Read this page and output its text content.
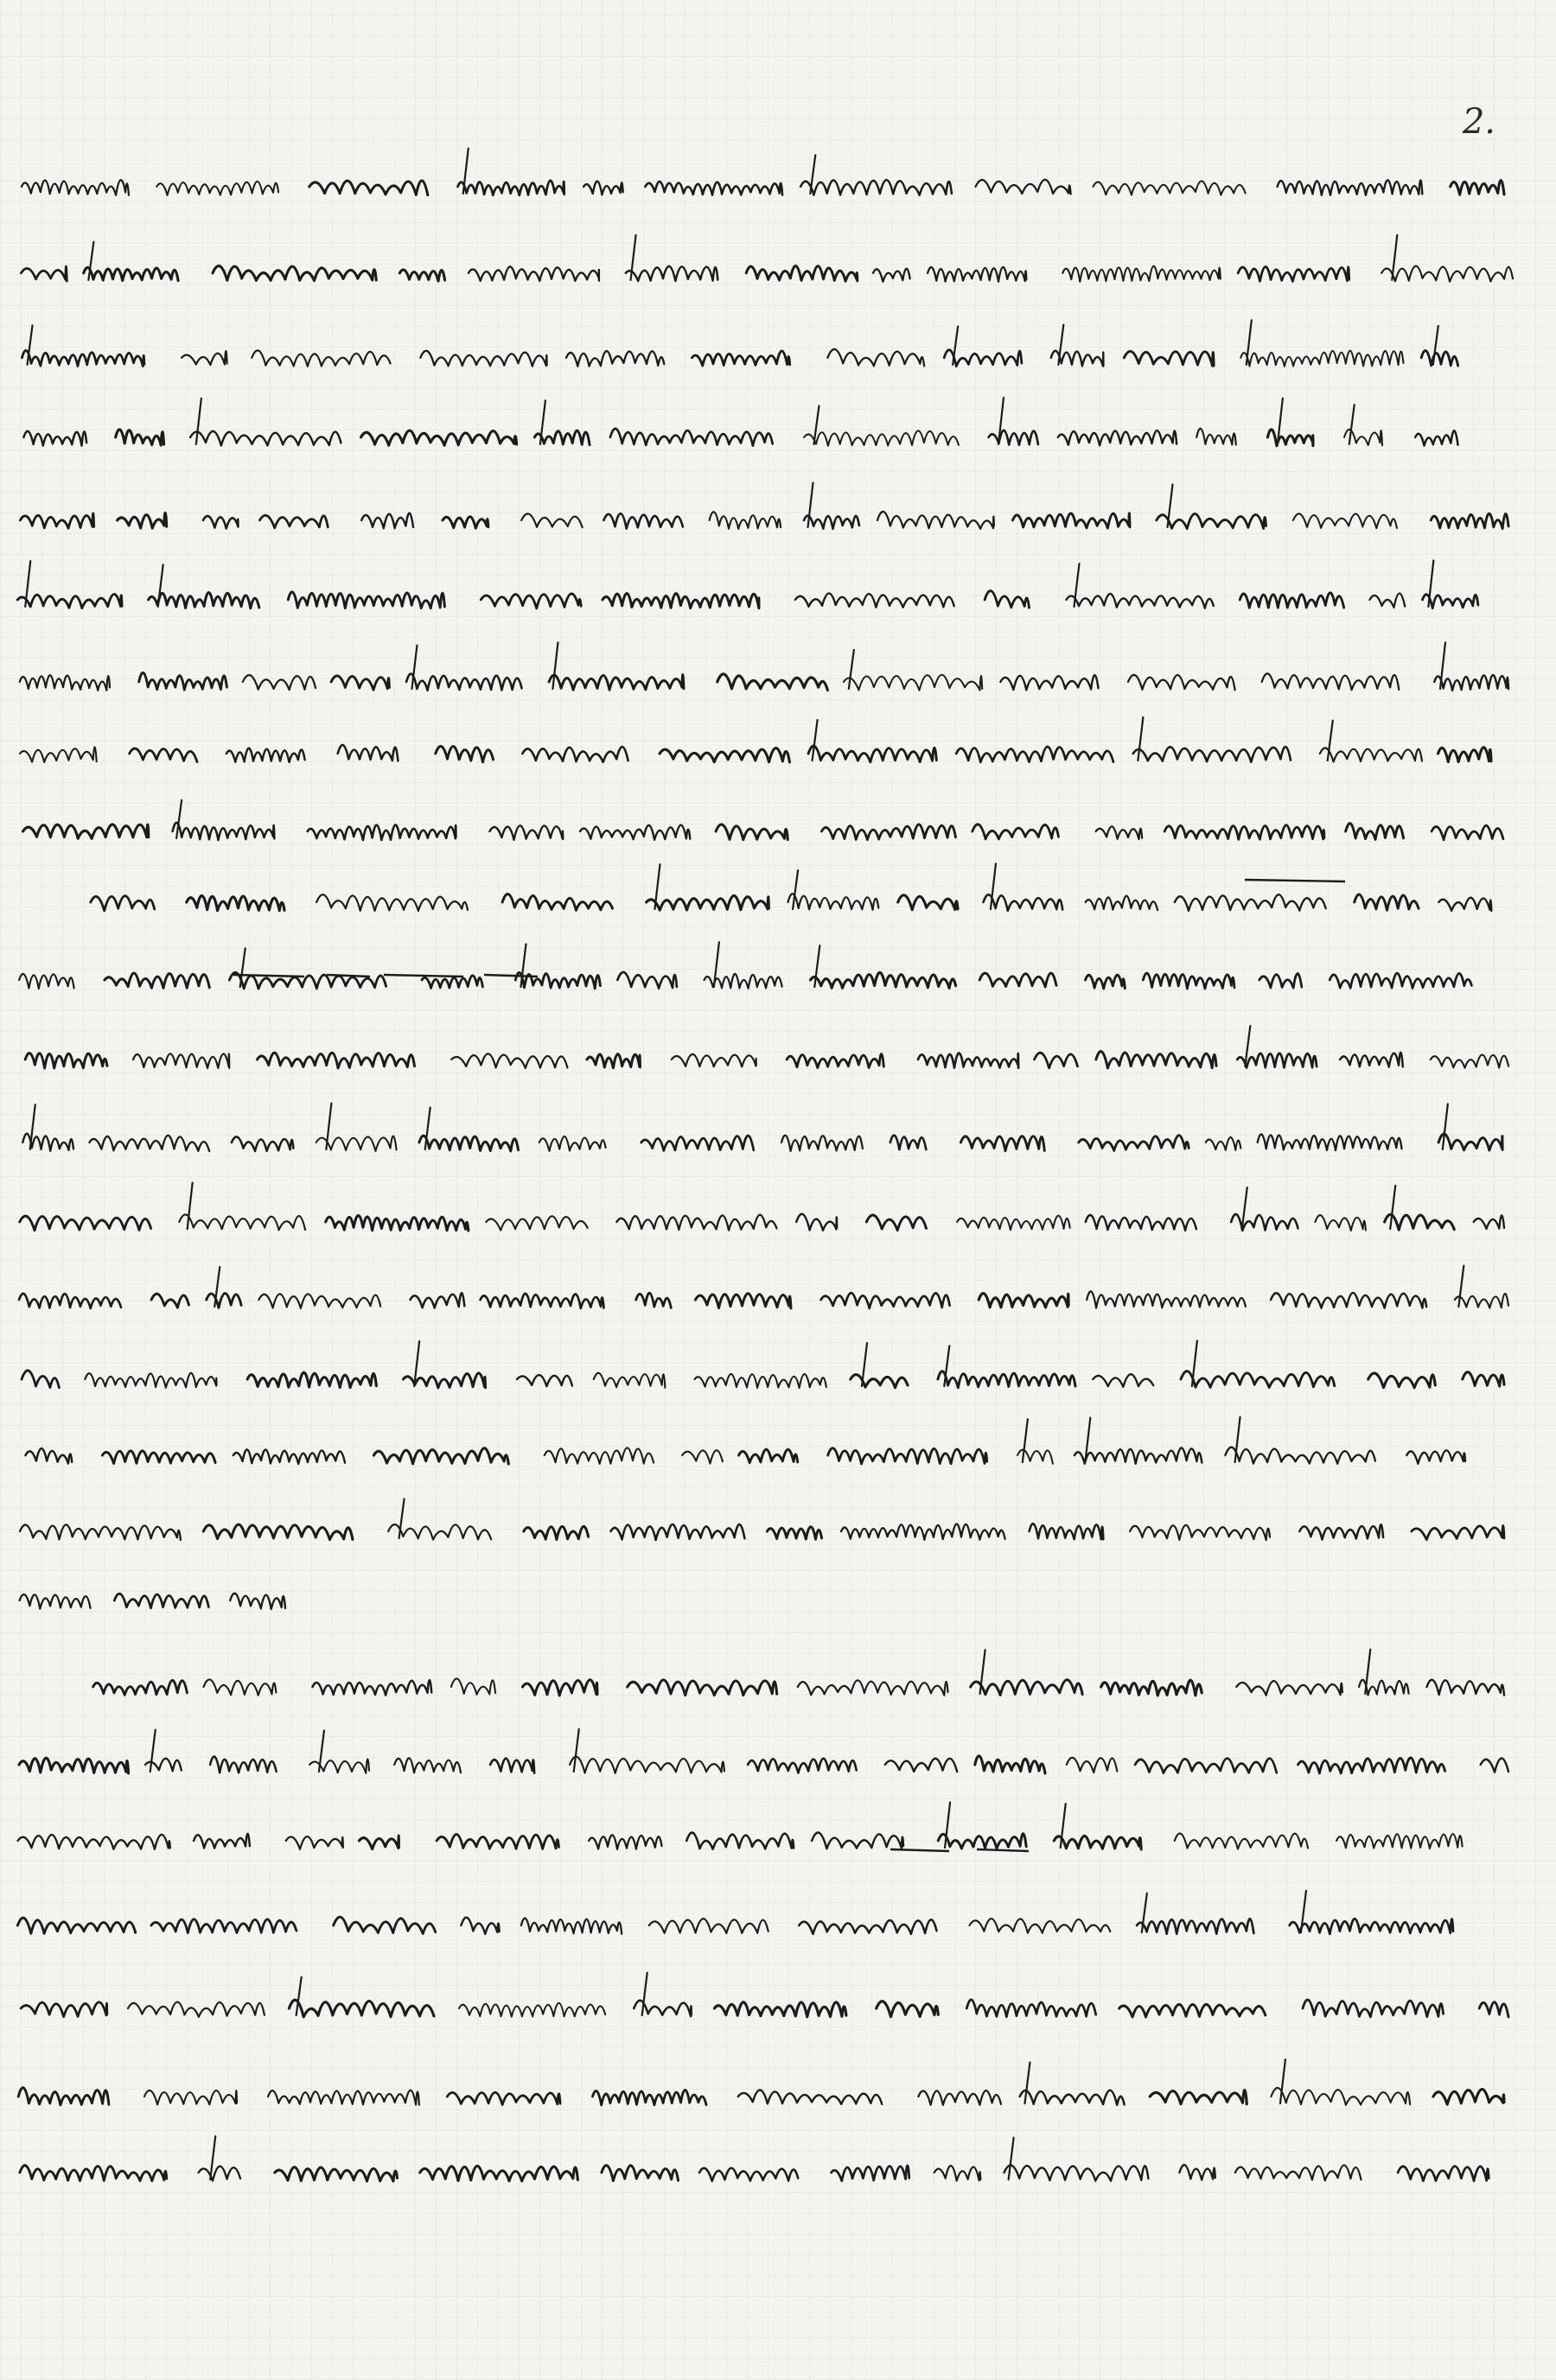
2.
